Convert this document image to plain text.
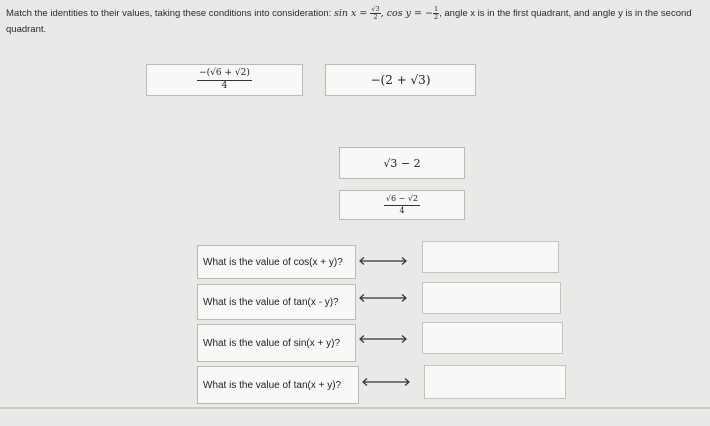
Match the identities to their values, taking these conditions into consideration: $\sin x = \frac{√3}{2}$ , cos y = − $\frac{1}{2}$ , angle x is in the first quadrant, and angle y is in the second quadrant.
$\frac{-(√6 + √2)}{4}$	−(2 + √3)
√3 − 2
$\frac{√6 - √2}{4}$
What is the value of cos(x + y)?
What is the value of tan(x - y)?
What is the value of sin(x + y)?
What is the value of tan(x + y)?
